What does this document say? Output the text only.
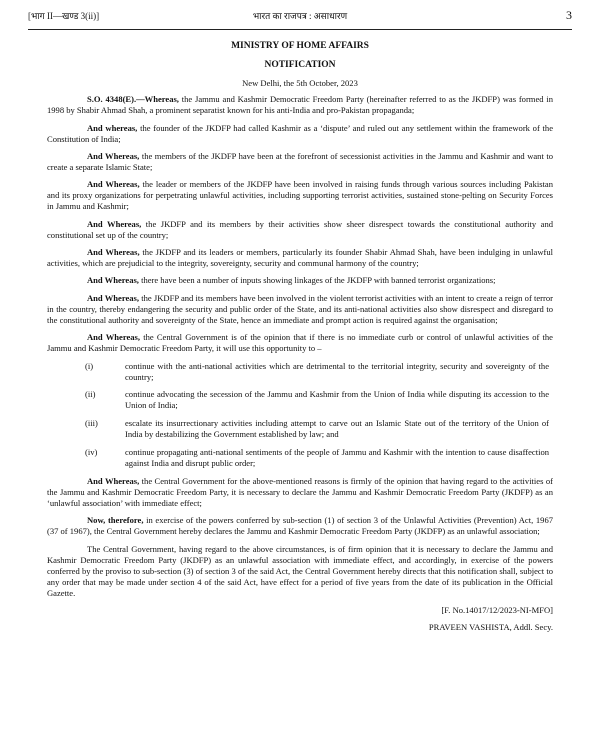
[भाग II—खण्ड 3(ii)]	भारत का राजपत्र : असाधारण	3

MINISTRY OF HOME AFFAIRS

NOTIFICATION

New Delhi, the 5th October, 2023

S.O. 4348(E).—Whereas, the Jammu and Kashmir Democratic Freedom Party (hereinafter referred to as the JKDFP) was formed in 1998 by Shabir Ahmad Shah, a prominent separatist known for his anti-India and pro-Pakistan propaganda;

And whereas, the founder of the JKDFP had called Kashmir as a ‘dispute’ and ruled out any settlement within the framework of the Constitution of India;

And Whereas, the members of the JKDFP have been at the forefront of secessionist activities in the Jammu and Kashmir and want to create a separate Islamic State;

And Whereas, the leader or members of the JKDFP have been involved in raising funds through various sources including Pakistan and its proxy organizations for perpetrating unlawful activities, including supporting terrorist activities, sustained stone-pelting on Security Forces in Jammu and Kashmir;

And Whereas, the JKDFP and its members by their activities show sheer disrespect towards the constitutional authority and constitutional set up of the country;

And Whereas, the JKDFP and its leaders or members, particularly its founder Shabir Ahmad Shah, have been indulging in unlawful activities, which are prejudicial to the integrity, sovereignty, security and communal harmony of the country;

And Whereas, there have been a number of inputs showing linkages of the JKDFP with banned terrorist organizations;

And Whereas, the JKDFP and its members have been involved in the violent terrorist activities with an intent to create a reign of terror in the country, thereby endangering the security and public order of the State, and its anti-national activities also show disrespect and disregard to the constitutional authority and sovereignty of the State, hence an immediate and prompt action is required against the organisation;

And Whereas, the Central Government is of the opinion that if there is no immediate curb or control of unlawful activities of the Jammu and Kashmir Democratic Freedom Party, it will use this opportunity to –

(i)	continue with the anti-national activities which are detrimental to the territorial integrity, security and sovereignty of the country;
(ii)	continue advocating the secession of the Jammu and Kashmir from the Union of India while disputing its accession to the Union of India;
(iii)	escalate its insurrectionary activities including attempt to carve out an Islamic State out of the territory of the Union of India by destabilizing the Government established by law; and
(iv)	continue propagating anti-national sentiments of the people of Jammu and Kashmir with the intention to cause disaffection against India and disrupt public order;

And Whereas, the Central Government for the above-mentioned reasons is firmly of the opinion that having regard to the activities of the Jammu and Kashmir Democratic Freedom Party, it is necessary to declare the Jammu and Kashmir Democratic Freedom Party (JKDFP) as an ‘unlawful association’ with immediate effect;

Now, therefore, in exercise of the powers conferred by sub-section (1) of section 3 of the Unlawful Activities (Prevention) Act, 1967 (37 of 1967), the Central Government hereby declares the Jammu and Kashmir Democratic Freedom Party (JKDFP) as an unlawful association;

The Central Government, having regard to the above circumstances, is of firm opinion that it is necessary to declare the Jammu and Kashmir Democratic Freedom Party (JKDFP) as an unlawful association with immediate effect, and accordingly, in exercise of the powers conferred by the proviso to sub-section (3) of section 3 of the said Act, the Central Government hereby directs that this notification shall, subject to any order that may be made under section 4 of the said Act, have effect for a period of five years from the date of its publication in the Official Gazette.

[F. No.14017/12/2023-NI-MFO]
PRAVEEN VASHISTA, Addl. Secy.
